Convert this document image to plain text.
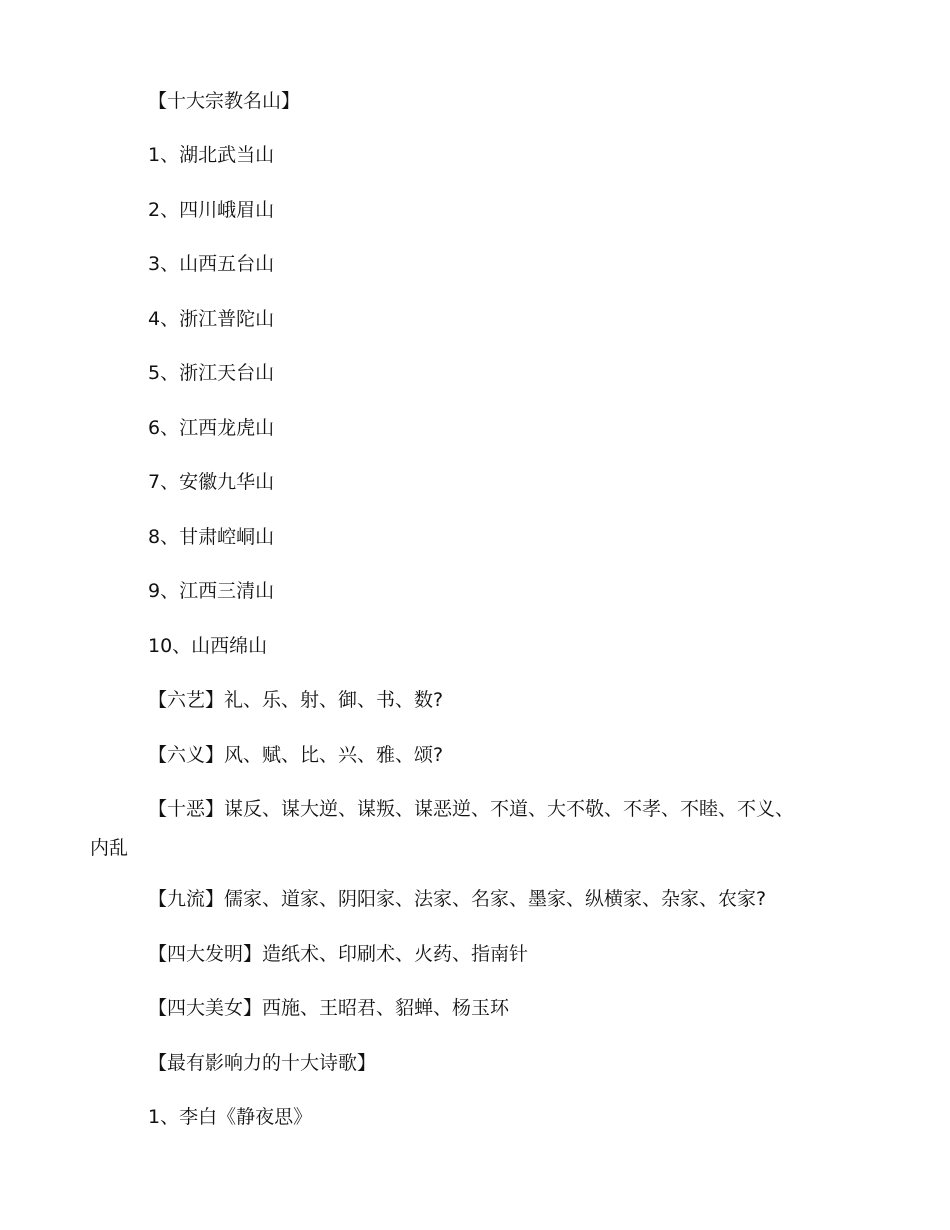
【十大宗教名山】
1、湖北武当山
2、四川峨眉山
3、山西五台山
4、浙江普陀山
5、浙江天台山
6、江西龙虎山
7、安徽九华山
8、甘肃崆峒山
9、江西三清山
10、山西绵山
【六艺】礼、乐、射、御、书、数?
【六义】风、赋、比、兴、雅、颂?
【十恶】谋反、谋大逆、谋叛、谋恶逆、不道、大不敬、不孝、不睦、不义、
内乱
【九流】儒家、道家、阴阳家、法家、名家、墨家、纵横家、杂家、农家?
【四大发明】造纸术、印刷术、火药、指南针
【四大美女】西施、王昭君、貂蝉、杨玉环
【最有影响力的十大诗歌】
1、李白《静夜思》
